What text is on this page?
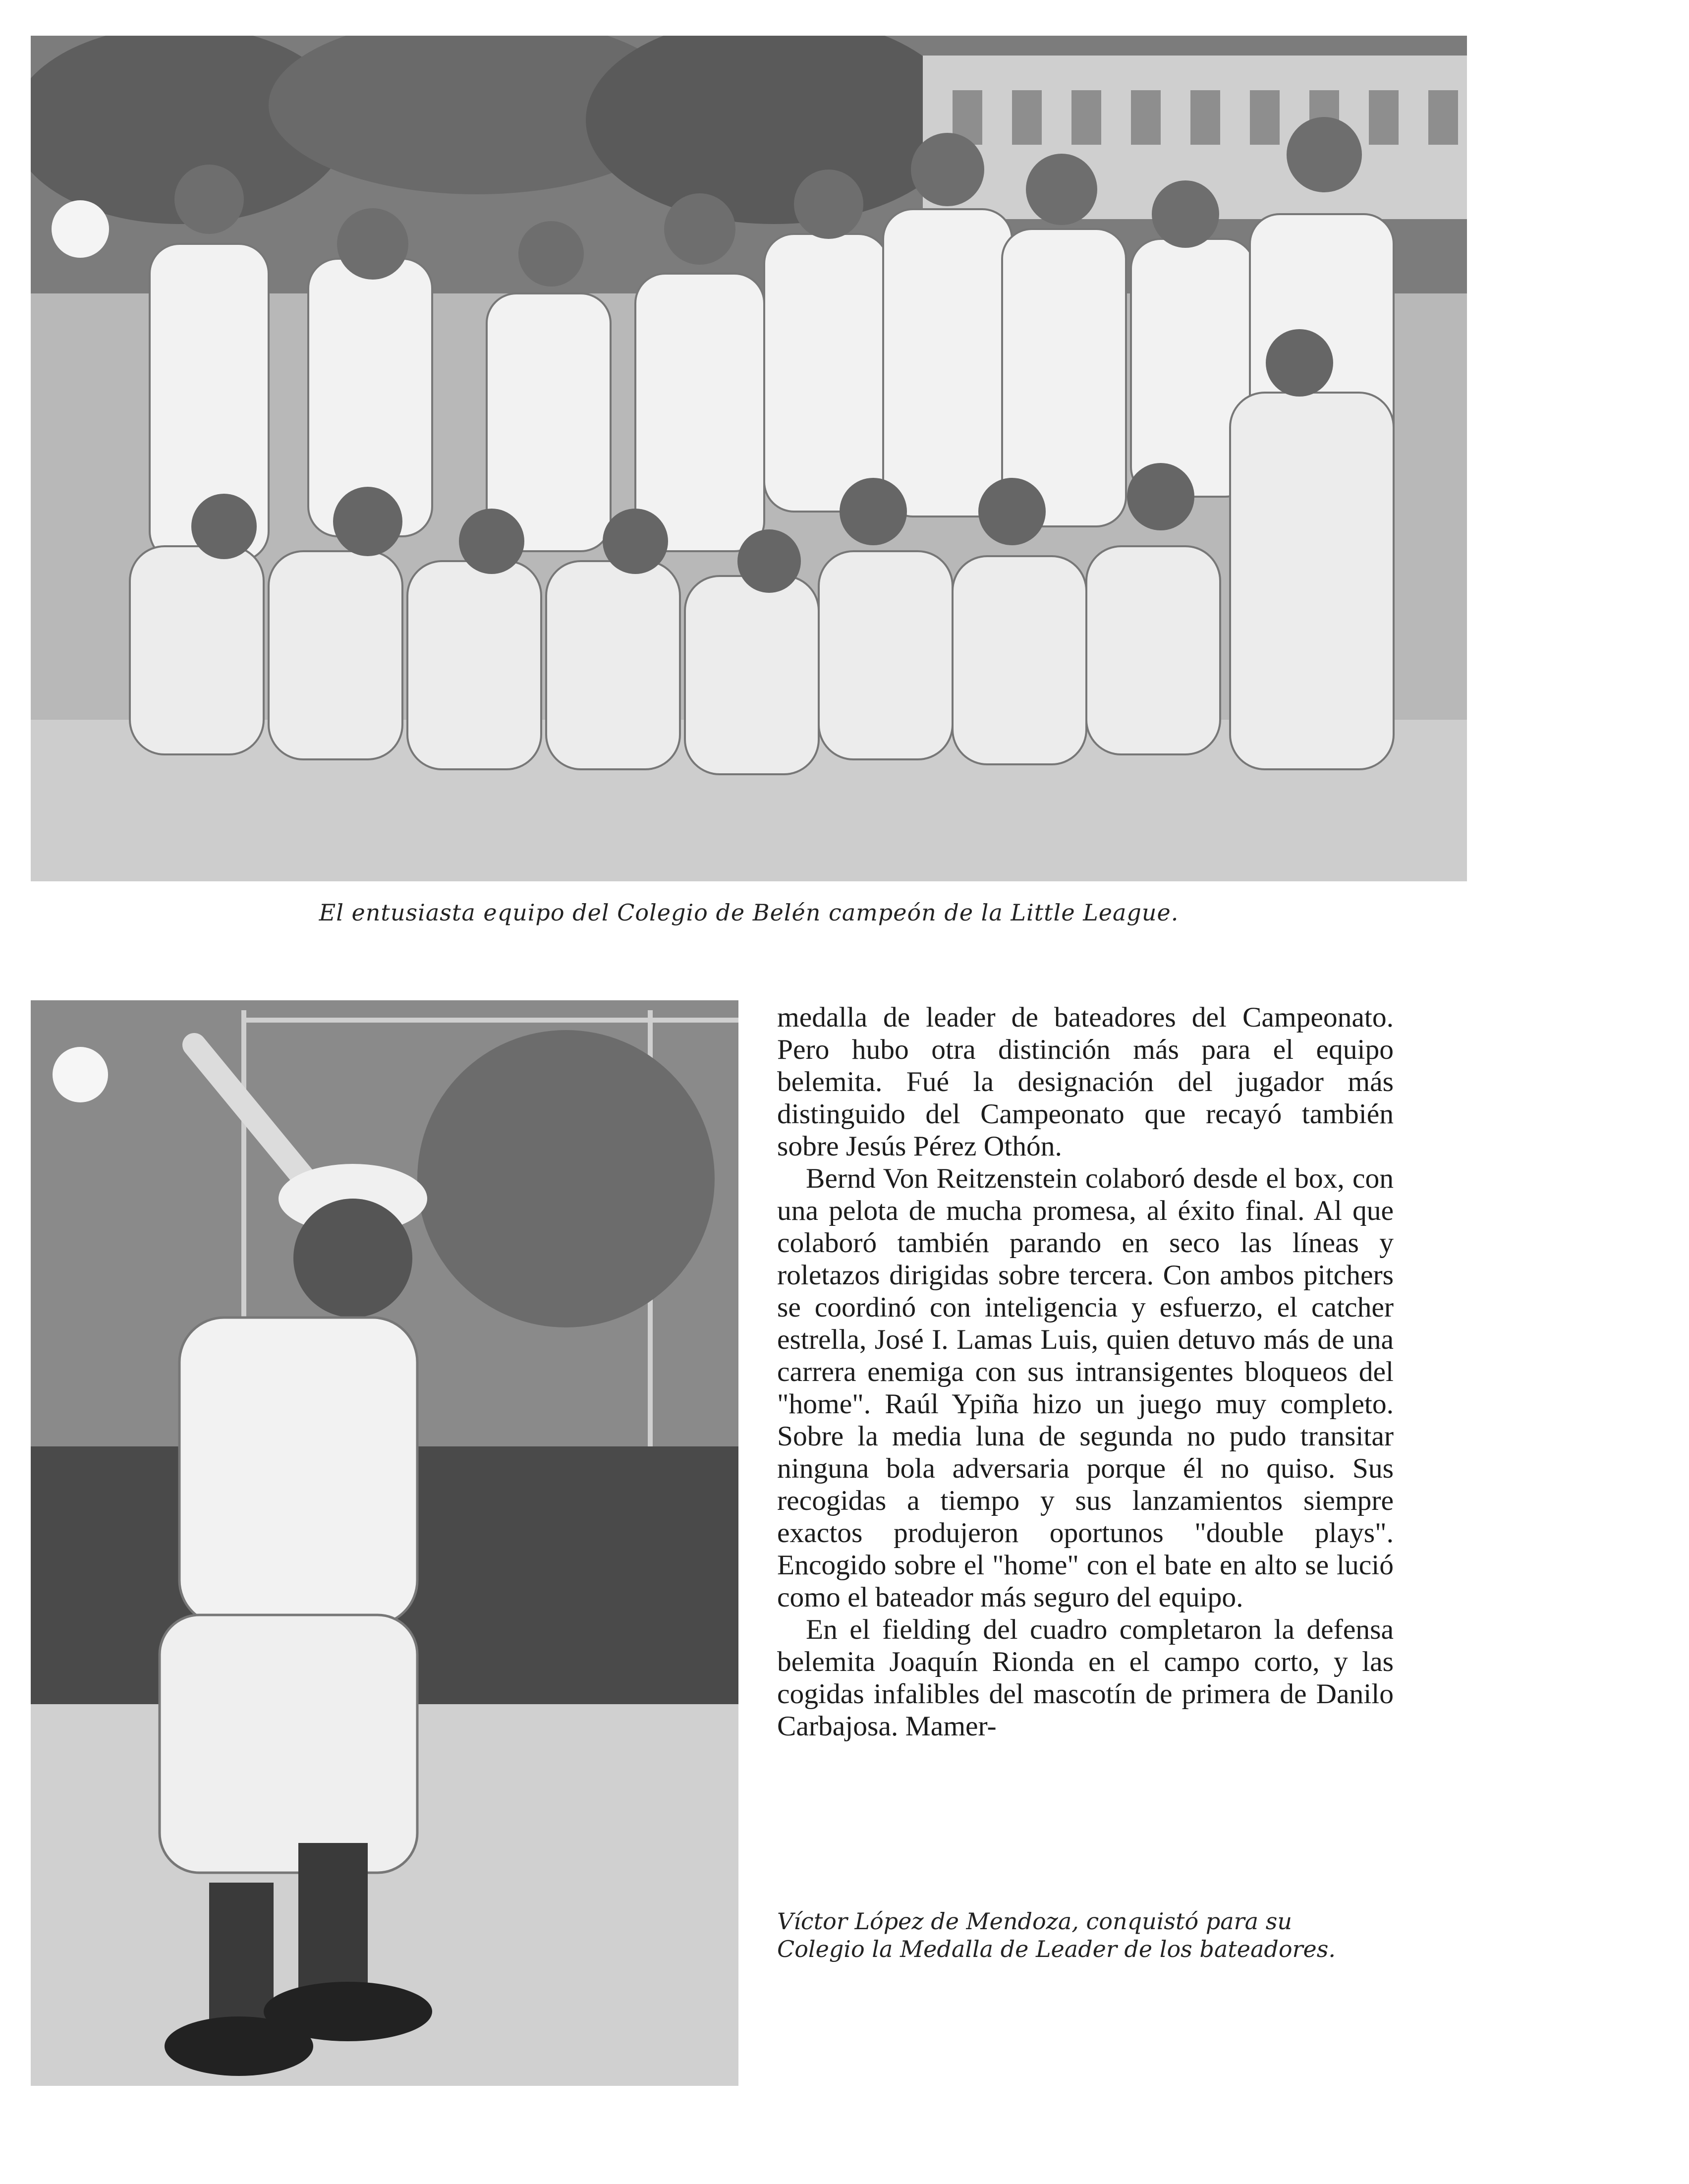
El entusiasta equipo del Colegio de Belén campeón de la Little League.

medalla de leader de bateadores del Campeonato. Pero hubo otra distinción más para el equipo belemita. Fué la designación del jugador más distinguido del Campeonato que recayó también sobre Jesús Pérez Othón.

Bernd Von Reitzenstein colaboró desde el box, con una pelota de mucha promesa, al éxito final. Al que colaboró también parando en seco las líneas y roletazos dirigidas sobre tercera. Con ambos pitchers se coordinó con inteligencia y esfuerzo, el catcher estrella, José I. Lamas Luis, quien detuvo más de una carrera enemiga con sus intransigentes bloqueos del "home". Raúl Ypiña hizo un juego muy completo. Sobre la media luna de segunda no pudo transitar ninguna bola adversaria porque él no quiso. Sus recogidas a tiempo y sus lanzamientos siempre exactos produjeron oportunos "double plays". Encogido sobre el "home" con el bate en alto se lució como el bateador más seguro del equipo.

En el fielding del cuadro completaron la defensa belemita Joaquín Rionda en el campo corto, y las cogidas infalibles del mascotín de primera de Danilo Carbajosa. Mamer-

Víctor López de Mendoza, conquistó para su
Colegio la Medalla de Leader de los bateadores.
